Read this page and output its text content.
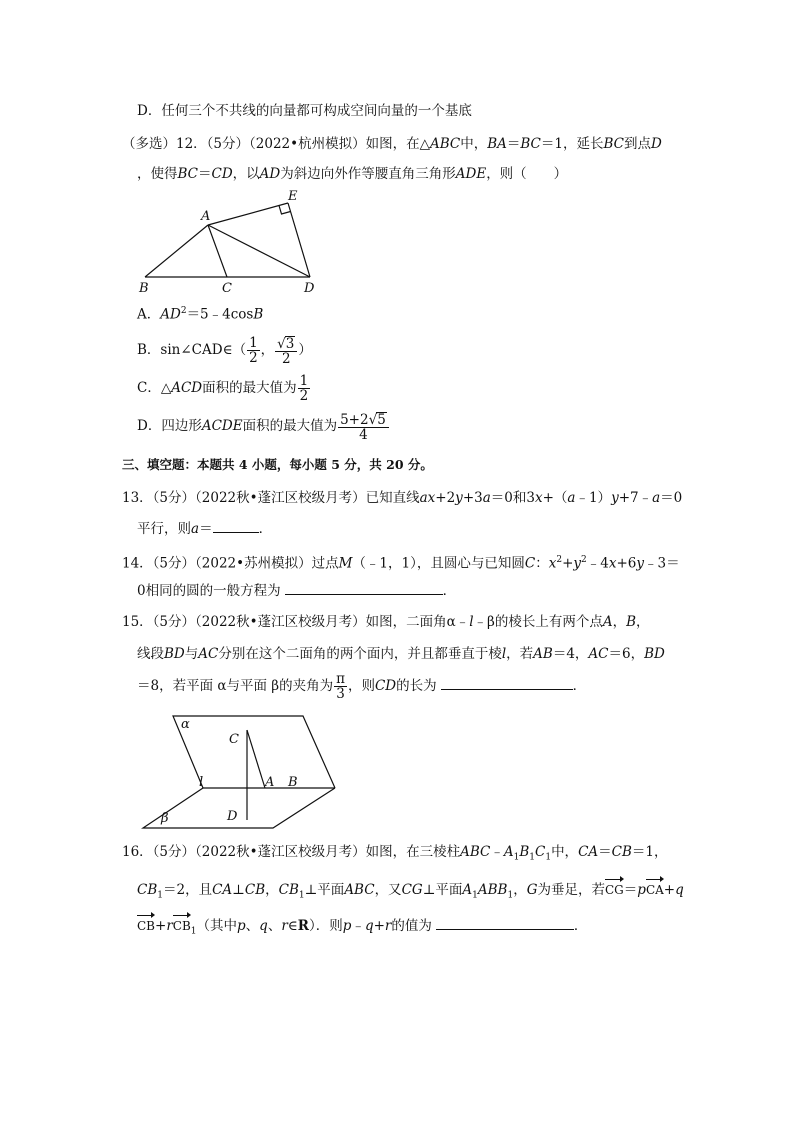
D．任何三个不共线的向量都可构成空间向量的一个基底
（多选）12．（5分）（2022•杭州模拟）如图，在△ABC中，BA＝BC＝1，延长BC到点D
，使得BC＝CD，以AD为斜边向外作等腰直角三角形ADE，则（　　）
A
E
B	C	D
A．$AD^2=5﹣4\cos B$
B．sin∠CAD∈（ $\frac{1}{2}$ ， $\frac{√3}{2}$ ）
C．△ACD面积的最大值为 $\frac{1}{2}$
D．四边形ACDE面积的最大值为 $\frac{5+2√5}{4}$
三、填空题：本题共 4 小题，每小题 5 分，共 20 分。
13．（5分）（2022秋•蓬江区校级月考）已知直线ax+2y+3a＝0和3x+（a﹣1）y+7﹣a＝0
平行，则a＝	．
14．（5分）（2022•苏州模拟）过点M（﹣1，1），且圆心与已知圆C：$x^2+y^2﹣4x+6y﹣3=$
0相同的圆的一般方程为	．
15．（5分）（2022秋•蓬江区校级月考）如图，二面角α﹣l﹣β的棱长上有两个点A，B，
线段BD与AC分别在这个二面角的两个面内，并且都垂直于棱l，若AB＝4，AC＝6，BD
＝8，若平面 α与平面 β的夹角为 $\frac{\pi}{3}$ ，则CD的长为	．
α
C
l	A B
β	D
16．（5分）（2022秋•蓬江区校级月考）如图，在三棱柱$ABC﹣A_1B_1C_1$中，CA＝CB＝1，
$CB_1=2$，且CA⊥CB，$CB_1\perp$平面ABC，又CG⊥平面$A_1ABB_1$，G为垂足，若CG＝pCA+q
CB+rCB$_1$（其中p、q、r∈R）．则p﹣q+r的值为	．
